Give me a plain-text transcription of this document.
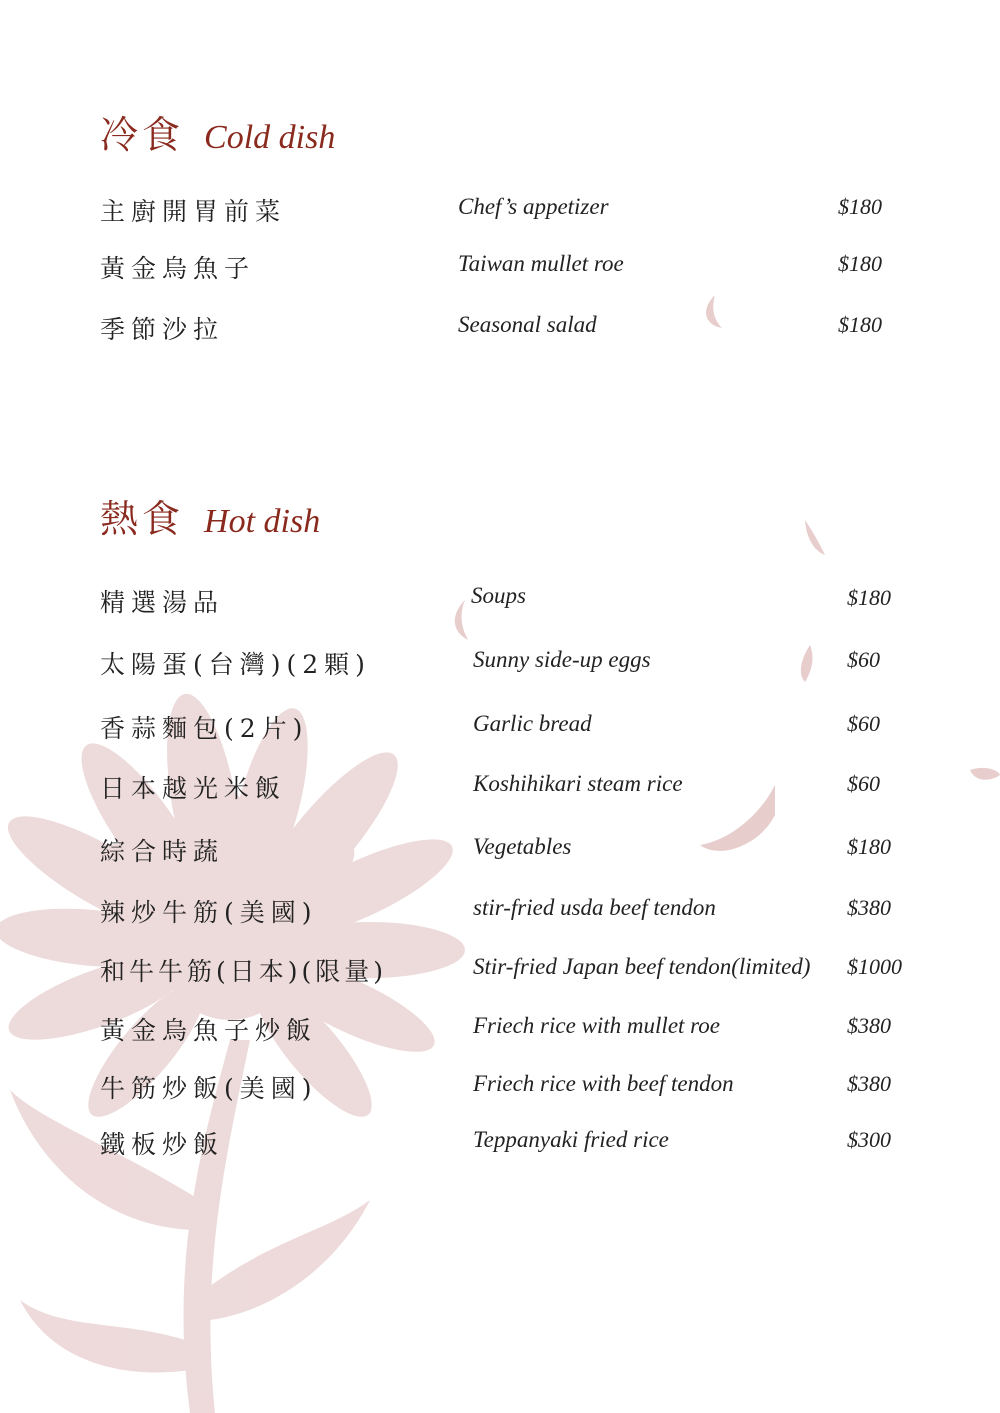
冷食 Cold dish
主廚開胃前菜	Chef’s appetizer	$180
黃金烏魚子	Taiwan mullet roe	$180
季節沙拉	Seasonal salad	$180
熱食 Hot dish
精選湯品	Soups	$180
太陽蛋(台灣)(2顆)	Sunny side-up eggs	$60
香蒜麵包(2片)	Garlic bread	$60
日本越光米飯	Koshihikari steam rice	$60
綜合時蔬	Vegetables	$180
辣炒牛筋(美國)	stir-fried usda beef tendon	$380
和牛牛筋(日本)(限量)	Stir-fried Japan beef tendon(limited) $1000
黃金烏魚子炒飯	Friech rice with mullet roe	$380
牛筋炒飯(美國)	Friech rice with beef tendon	$380
鐵板炒飯	Teppanyaki fried rice	$300
